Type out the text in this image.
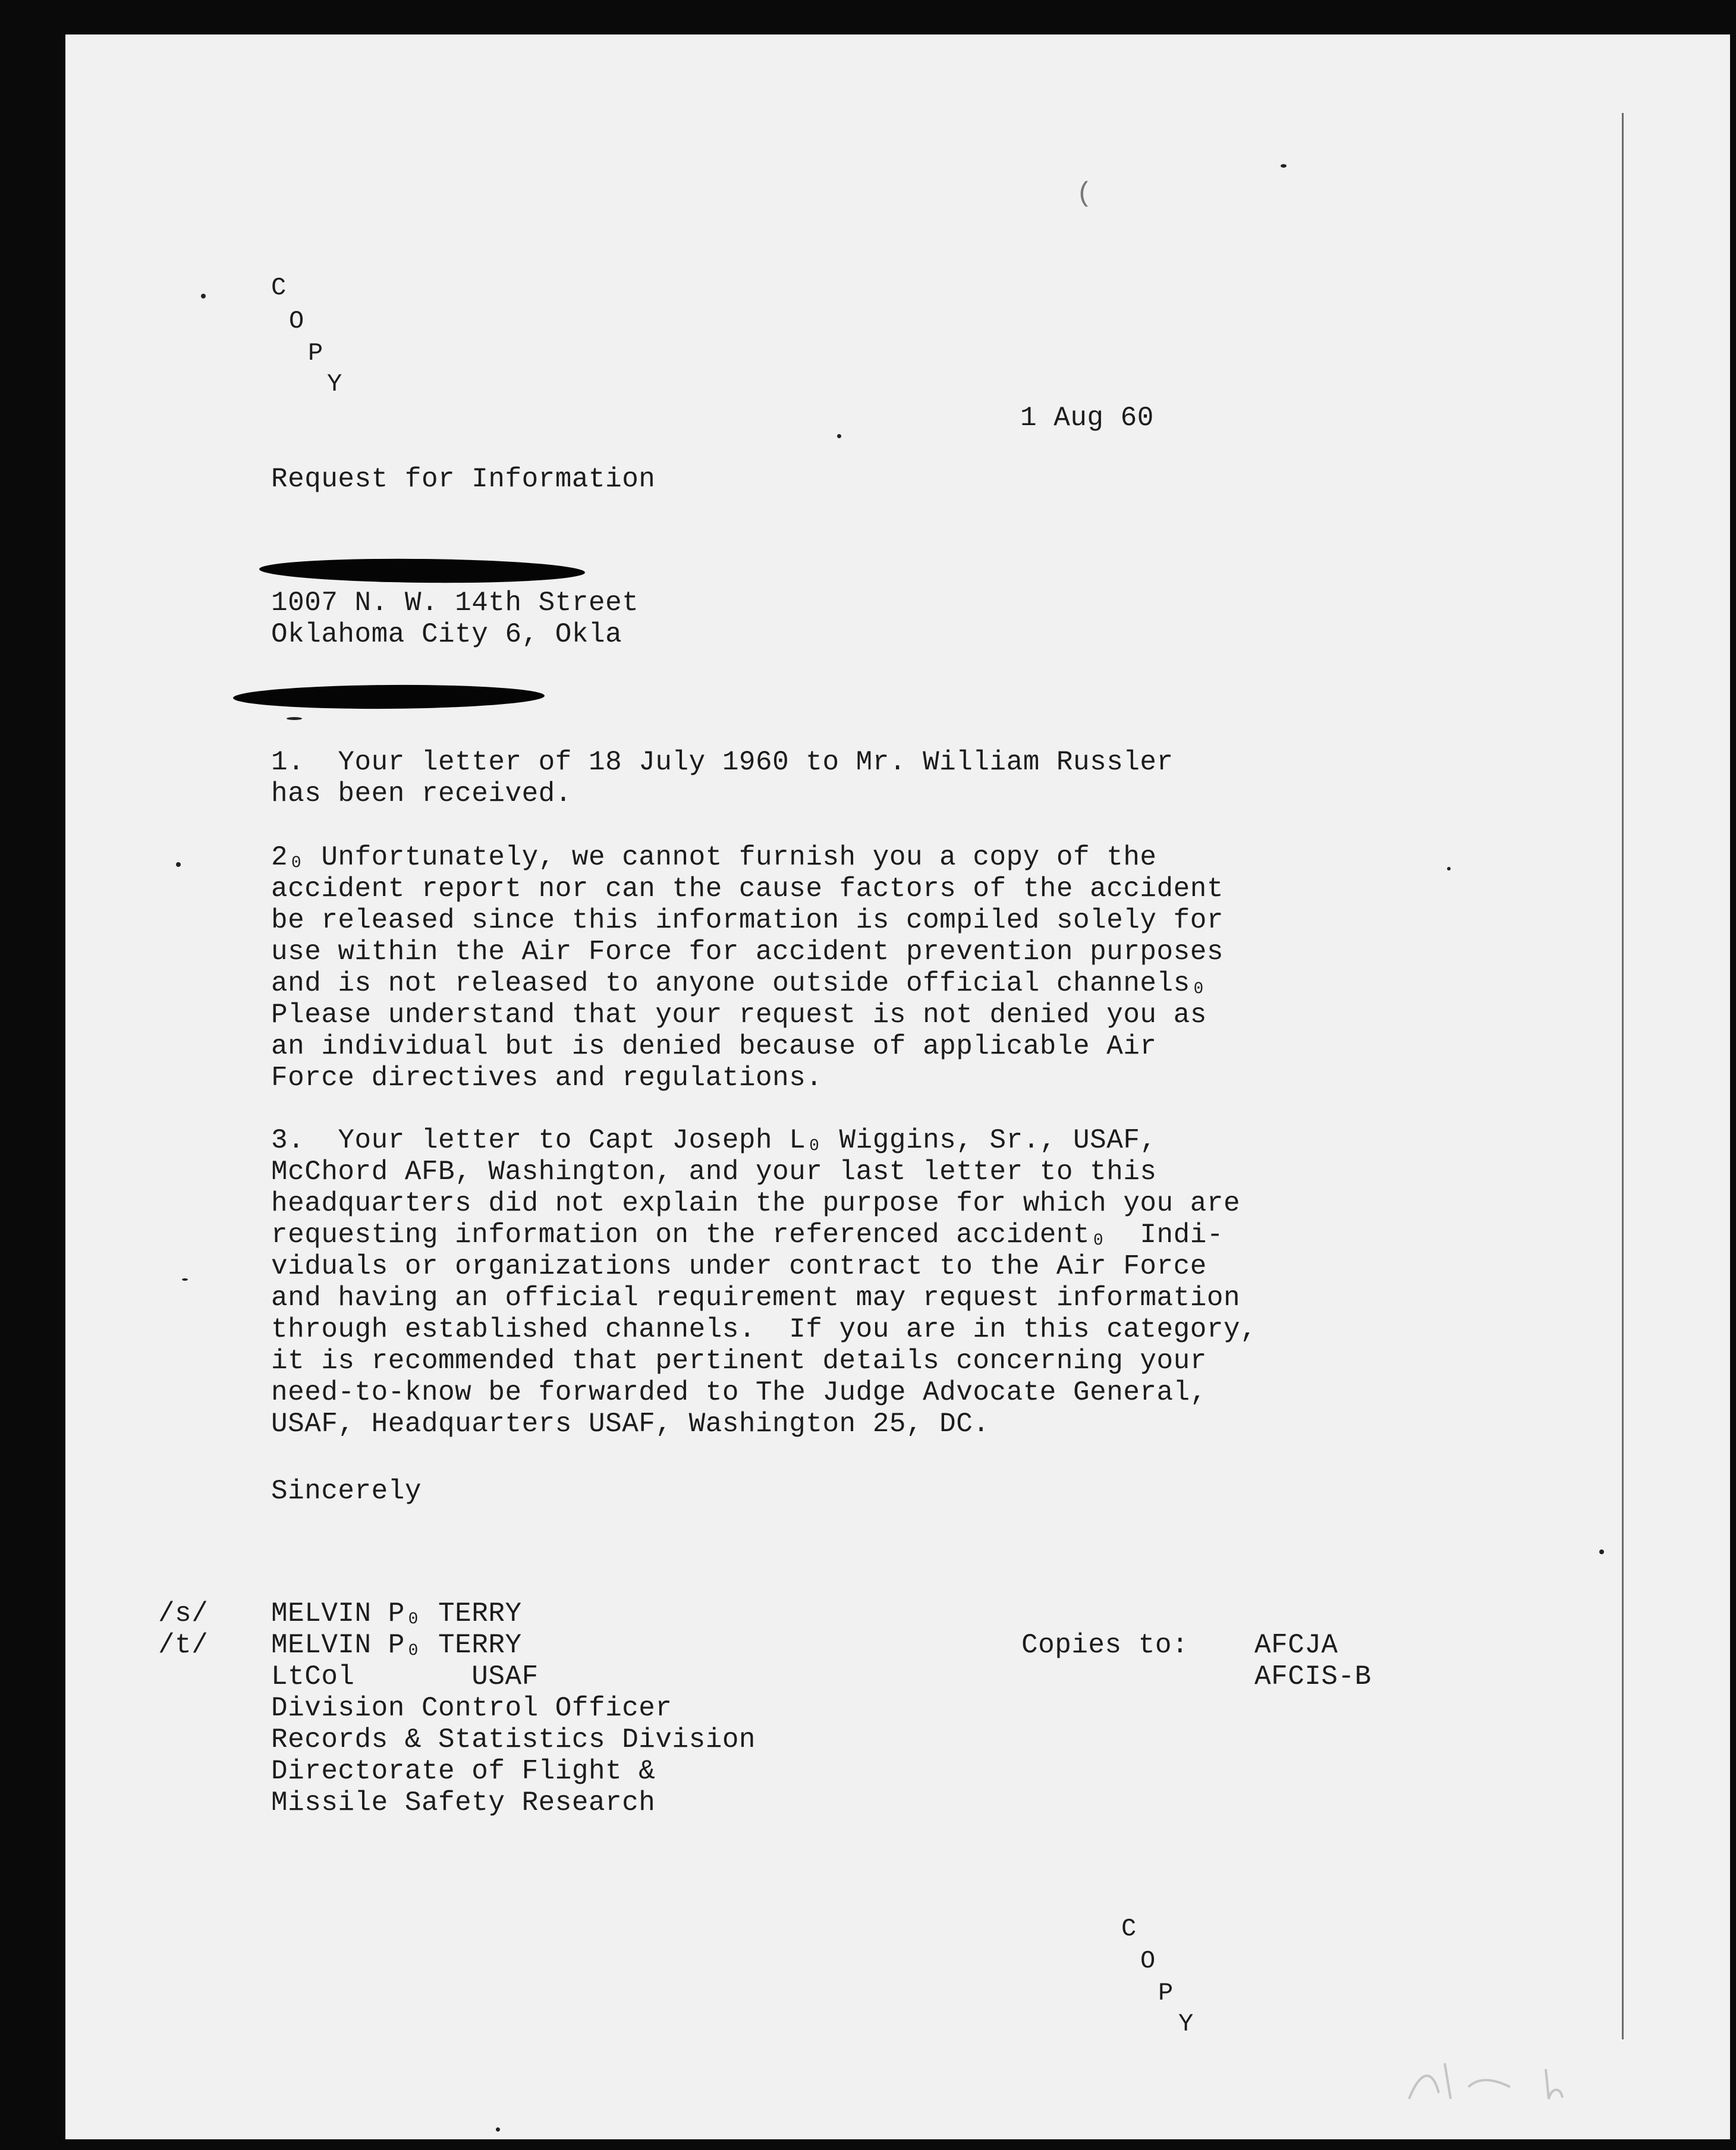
C
O
P
Y
(
1 Aug 60
Request for Information
1007 N. W. 14th Street
Oklahoma City 6, Okla
1.  Your letter of 18 July 1960 to Mr. William Russler
has been received.
2₀ Unfortunately, we cannot furnish you a copy of the
accident report nor can the cause factors of the accident
be released since this information is compiled solely for
use within the Air Force for accident prevention purposes
and is not released to anyone outside official channels₀
Please understand that your request is not denied you as
an individual but is denied because of applicable Air
Force directives and regulations.
3.  Your letter to Capt Joseph L₀ Wiggins, Sr., USAF,
McChord AFB, Washington, and your last letter to this
headquarters did not explain the purpose for which you are
requesting information on the referenced accident₀  Indi-
viduals or organizations under contract to the Air Force
and having an official requirement may request information
through established channels.  If you are in this category,
it is recommended that pertinent details concerning your
need-to-know be forwarded to The Judge Advocate General,
USAF, Headquarters USAF, Washington 25, DC.
Sincerely
/s/
/t/
MELVIN P₀ TERRY
MELVIN P₀ TERRY
LtCol       USAF
Division Control Officer
Records & Statistics Division
Directorate of Flight &
Missile Safety Research
Copies to: AFCJA
AFCIS-B
C
O
P
Y
